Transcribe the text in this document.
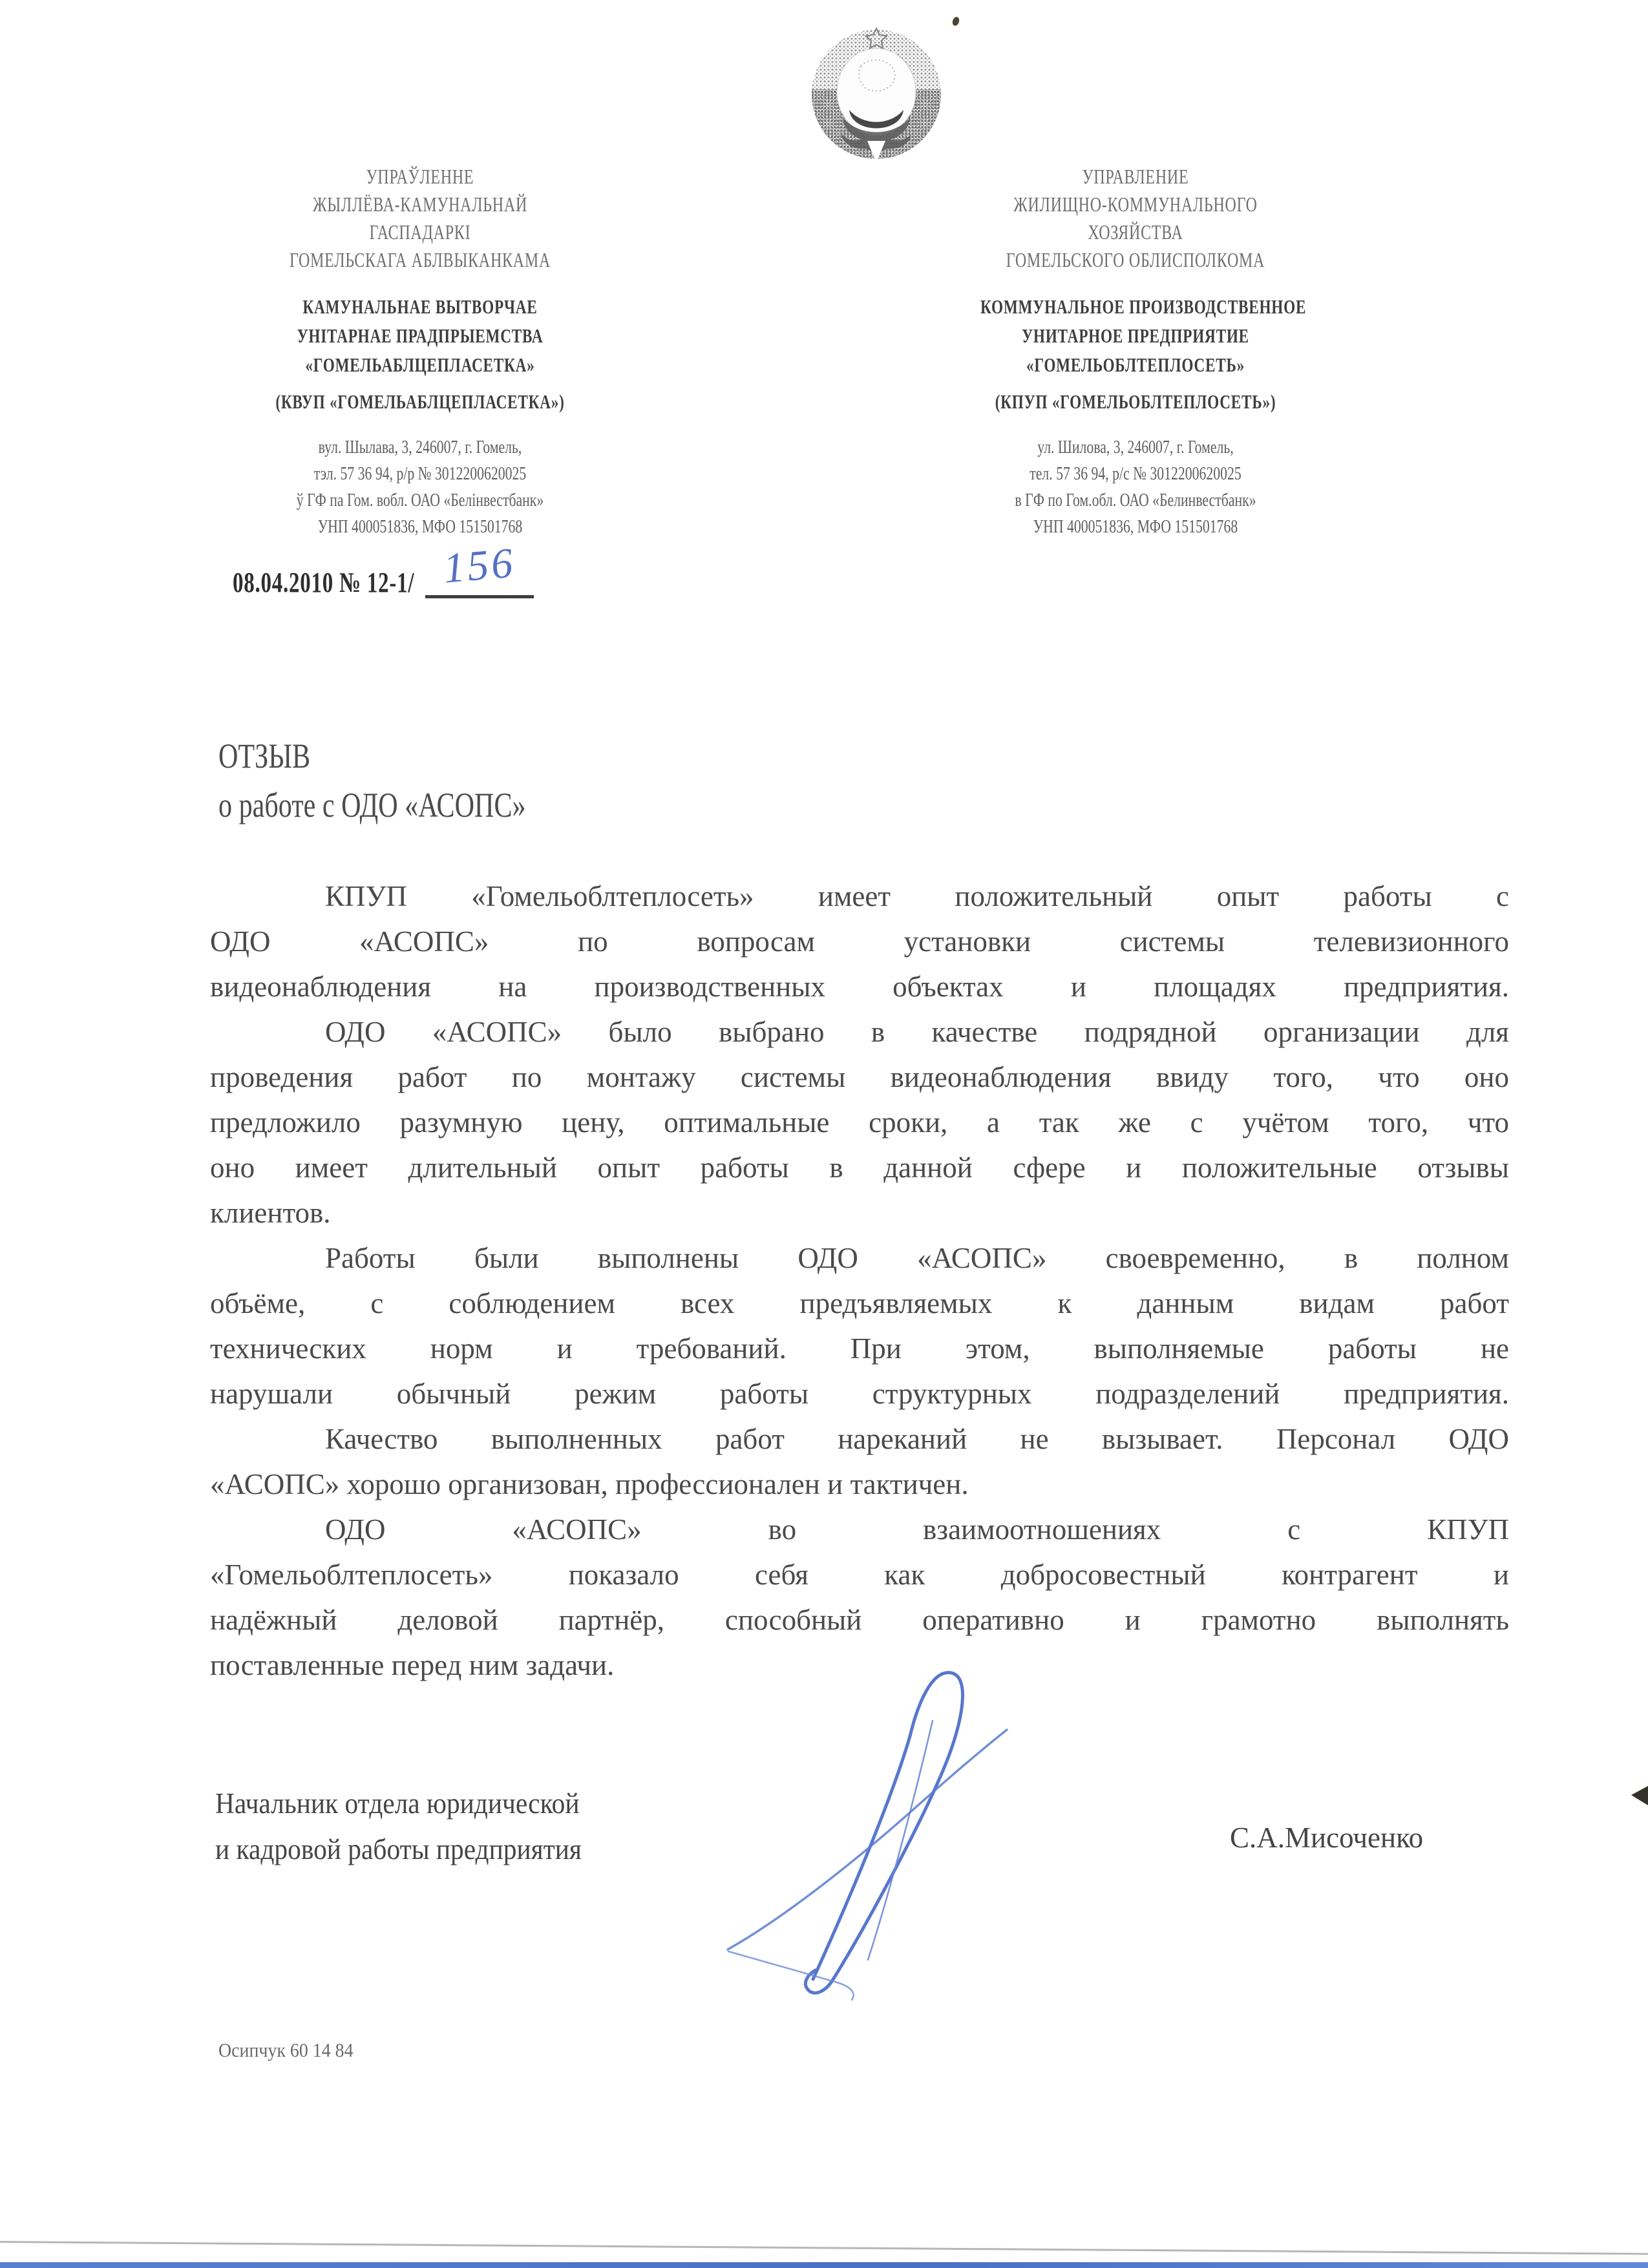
УПРАЎЛЕННЕ
ЖЫЛЛЁВА-КАМУНАЛЬНАЙ
ГАСПАДАРКІ
ГОМЕЛЬСКАГА АБЛВЫКАНКАМА
КАМУНАЛЬНАЕ ВЫТВОРЧАЕ
УНІТАРНАЕ ПРАДПРЫЕМСТВА
«ГОМЕЛЬАБЛЦЕПЛАСЕТКА»
(КВУП «ГОМЕЛЬАБЛЦЕПЛАСЕТКА»)
вул. Шылава, 3, 246007, г. Гомель,
тэл. 57 36 94, р/р № 3012200620025
ў ГФ па Гом. вобл. ОАО «Белінвестбанк»
УНП 400051836, МФО 151501768
УПРАВЛЕНИЕ
ЖИЛИЩНО-КОММУНАЛЬНОГО
ХОЗЯЙСТВА
ГОМЕЛЬСКОГО ОБЛИСПОЛКОМА
КОММУНАЛЬНОЕ ПРОИЗВОДСТВЕННОЕ
УНИТАРНОЕ ПРЕДПРИЯТИЕ
«ГОМЕЛЬОБЛТЕПЛОСЕТЬ»
(КПУП «ГОМЕЛЬОБЛТЕПЛОСЕТЬ»)
ул. Шилова, 3, 246007, г. Гомель,
тел. 57 36 94, р/с № 3012200620025
в ГФ по Гом.обл. ОАО «Белинвестбанк»
УНП 400051836, МФО 151501768
08.04.2010 № 12-1/ 156
ОТЗЫВ
о работе с ОДО «АСОПС»

КПУП «Гомельоблтеплосеть» имеет положительный опыт работы с
ОДО «АСОПС» по вопросам установки системы телевизионного
видеонаблюдения на производственных объектах и площадях предприятия.

ОДО «АСОПС» было выбрано в качестве подрядной организации для
проведения работ по монтажу системы видеонаблюдения ввиду того, что оно
предложило разумную цену, оптимальные сроки, а так же с учётом того, что
оно имеет длительный опыт работы в данной сфере и положительные отзывы
клиентов.

Работы были выполнены ОДО «АСОПС» своевременно, в полном
объёме, с соблюдением всех предъявляемых к данным видам работ
технических норм и требований. При этом, выполняемые работы не
нарушали обычный режим работы структурных подразделений предприятия.

Качество выполненных работ нареканий не вызывает. Персонал ОДО
«АСОПС» хорошо организован, профессионален и тактичен.

ОДО «АСОПС» во взаимоотношениях с КПУП
«Гомельоблтеплосеть» показало себя как добросовестный контрагент и
надёжный деловой партнёр, способный оперативно и грамотно выполнять
поставленные перед ним задачи.

Начальник отдела юридической
и кадровой работы предприятия	С.А.Мисоченко
Осипчук 60 14 84
